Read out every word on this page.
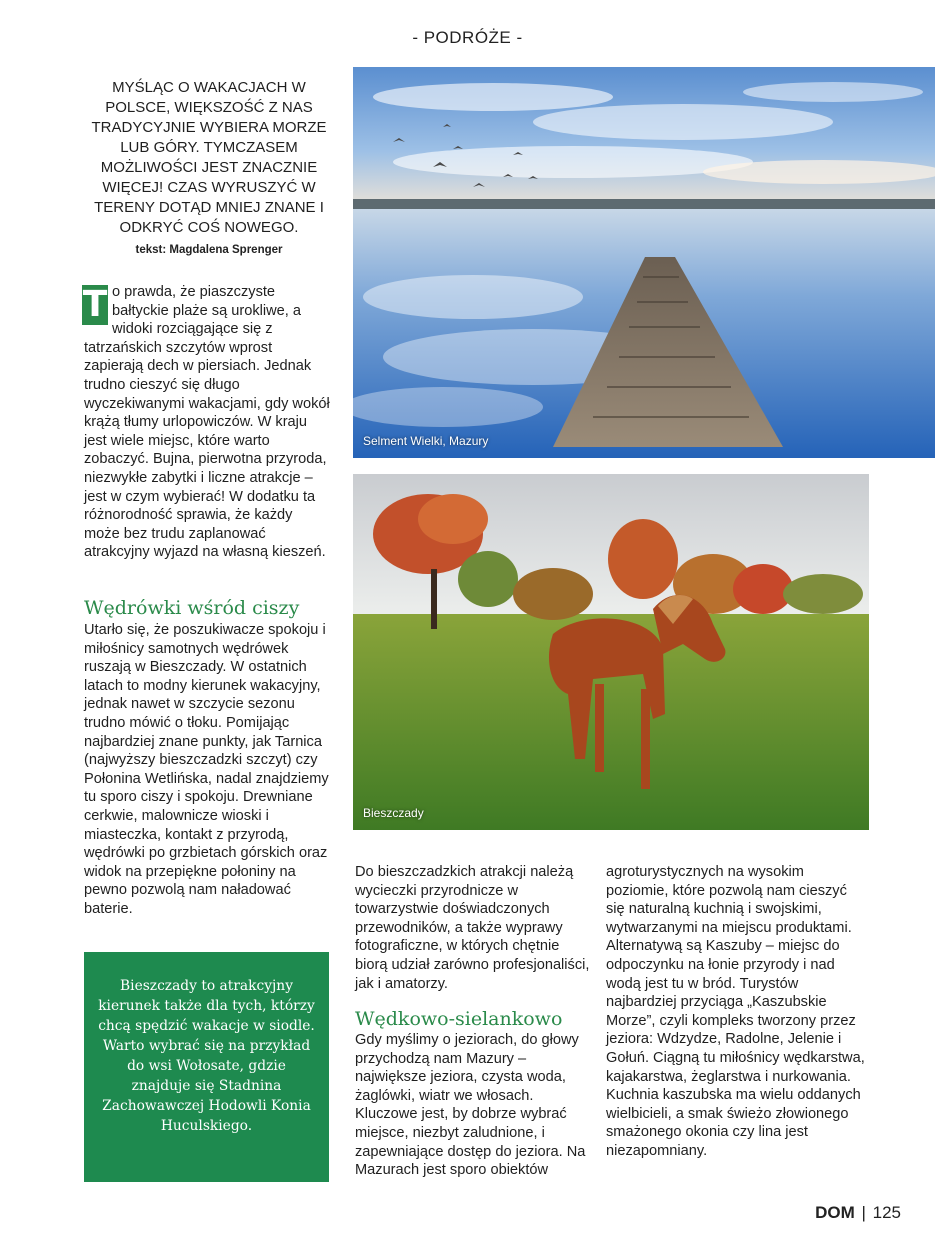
- PODRÓŻE -
MYŚLĄC O WAKACJACH W POLSCE, WIĘKSZOŚĆ Z NAS TRADYCYJNIE WYBIERA MORZE LUB GÓRY. TYMCZASEM MOŻLIWOŚCI JEST ZNACZNIE WIĘCEJ! CZAS WYRUSZYĆ W TERENY DOTĄD MNIEJ ZNANE I ODKRYĆ COŚ NOWEGO.
tekst: Magdalena Sprenger
T o prawda, że piaszczyste bałtyckie plaże są urokliwe, a widoki rozciągające się z tatrzańskich szczytów wprost zapierają dech w piersiach. Jednak trudno cieszyć się długo wyczekiwanymi wakacjami, gdy wokół krążą tłumy urlopowiczów. W kraju jest wiele miejsc, które warto zobaczyć. Bujna, pierwotna przyroda, niezwykłe zabytki i liczne atrakcje – jest w czym wybierać! W dodatku ta różnorodność sprawia, że każdy może bez trudu zaplanować atrakcyjny wyjazd na własną kieszeń.
Wędrówki wśród ciszy
Utarło się, że poszukiwacze spokoju i miłośnicy samotnych wędrówek ruszają w Bieszczady. W ostatnich latach to modny kierunek wakacyjny, jednak nawet w szczycie sezonu trudno mówić o tłoku. Pomijając najbardziej znane punkty, jak Tarnica (najwyższy bieszczadzki szczyt) czy Połonina Wetlińska, nadal znajdziemy tu sporo ciszy i spokoju. Drewniane cerkwie, malownicze wioski i miasteczka, kontakt z przyrodą, wędrówki po grzbietach górskich oraz widok na przepiękne połoniny na pewno pozwolą nam naładować baterie.
Bieszczady to atrakcyjny kierunek także dla tych, którzy chcą spędzić wakacje w siodle. Warto wybrać się na przykład do wsi Wołosate, gdzie znajduje się Stadnina Zachowawczej Hodowli Konia Huculskiego.
Selment Wielki, Mazury
Bieszczady
Do bieszczadzkich atrakcji należą wycieczki przyrodnicze w towarzystwie doświadczonych przewodników, a także wyprawy fotograficzne, w których chętnie biorą udział zarówno profesjonaliści, jak i amatorzy.
Wędkowo-sielankowo
Gdy myślimy o jeziorach, do głowy przychodzą nam Mazury – największe jeziora, czysta woda, żaglówki, wiatr we włosach. Kluczowe jest, by dobrze wybrać miejsce, niezbyt zaludnione, i zapewniające dostęp do jeziora. Na Mazurach jest sporo obiektów
agroturystycznych na wysokim poziomie, które pozwolą nam cieszyć się naturalną kuchnią i swojskimi, wytwarzanymi na miejscu produktami. Alternatywą są Kaszuby – miejsc do odpoczynku na łonie przyrody i nad wodą jest tu w bród. Turystów najbardziej przyciąga „Kaszubskie Morze”, czyli kompleks tworzony przez jeziora: Wdzydze, Radolne, Jelenie i Gołuń. Ciągną tu miłośnicy wędkarstwa, kajakarstwa, żeglarstwa i nurkowania. Kuchnia kaszubska ma wielu oddanych wielbicieli, a smak świeżo złowionego smażonego okonia czy lina jest niezapomniany.
DOM | 125
